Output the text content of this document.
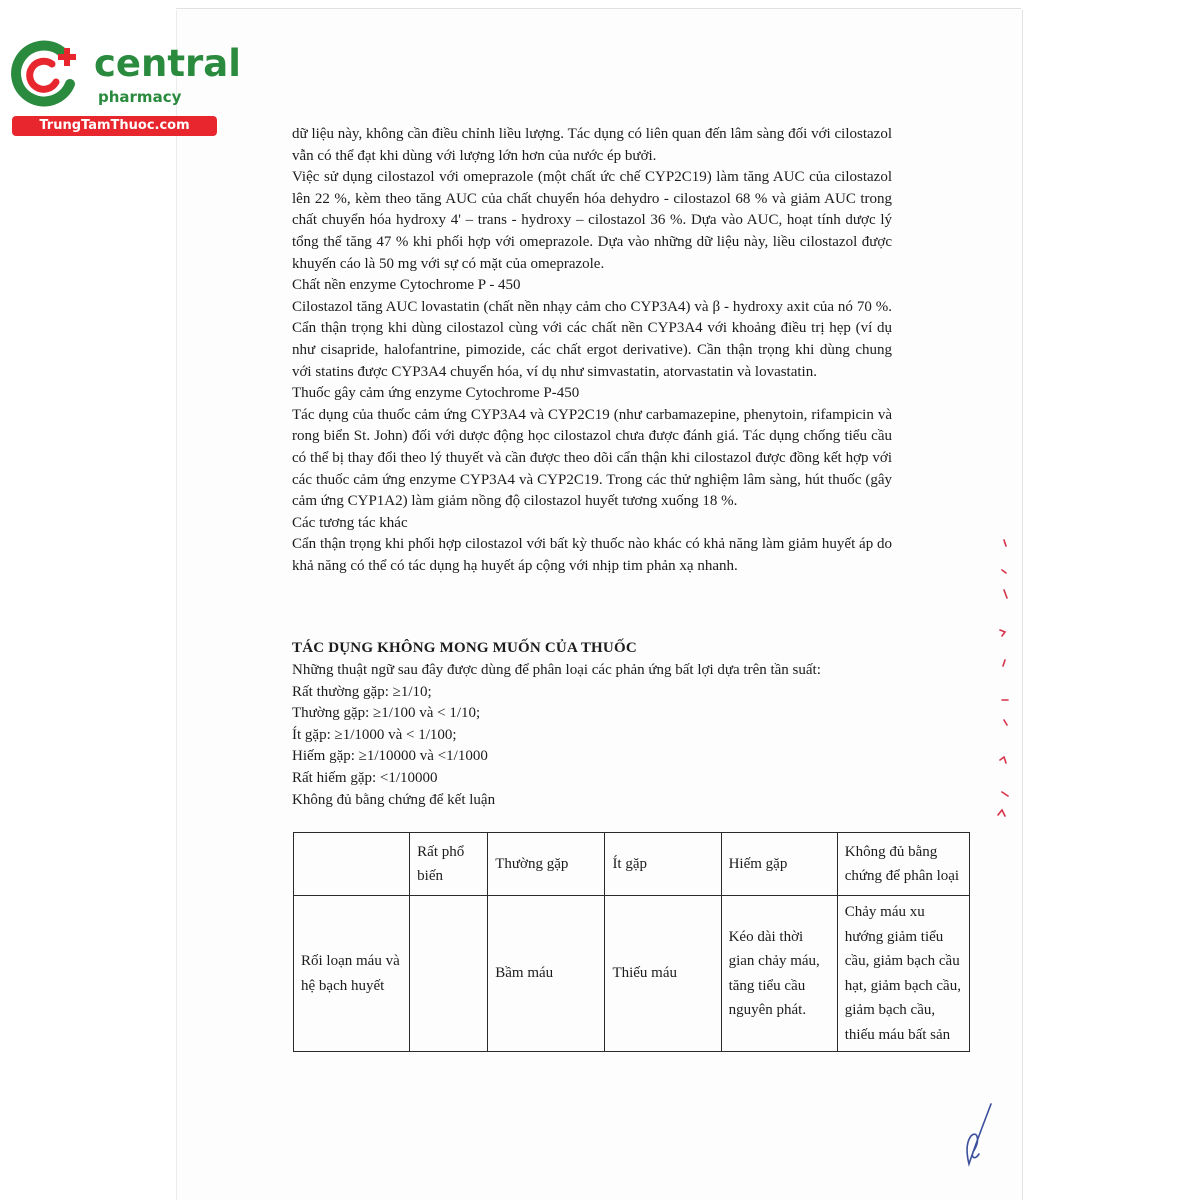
central
pharmacy
TrungTamThuoc.com

dữ liệu này, không cần điều chỉnh liều lượng. Tác dụng có liên quan đến lâm sàng đối với cilostazol vẫn có thể đạt khi dùng với lượng lớn hơn của nước ép bưởi.

Việc sử dụng cilostazol với omeprazole (một chất ức chế CYP2C19) làm tăng AUC của cilostazol lên 22 %, kèm theo tăng AUC của chất chuyển hóa dehydro - cilostazol 68 % và giảm AUC trong chất chuyển hóa hydroxy 4' – trans - hydroxy – cilostazol 36 %. Dựa vào AUC, hoạt tính dược lý tổng thể tăng 47 % khi phối hợp với omeprazole. Dựa vào những dữ liệu này, liều cilostazol được khuyến cáo là 50 mg với sự có mặt của omeprazole.

Chất nền enzyme Cytochrome P - 450

Cilostazol tăng AUC lovastatin (chất nền nhạy cảm cho CYP3A4) và β - hydroxy axit của nó 70 %. Cẩn thận trọng khi dùng cilostazol cùng với các chất nền CYP3A4 với khoảng điều trị hẹp (ví dụ như cisapride, halofantrine, pimozide, các chất ergot derivative). Cần thận trọng khi dùng chung với statins được CYP3A4 chuyển hóa, ví dụ như simvastatin, atorvastatin và lovastatin.

Thuốc gây cảm ứng enzyme Cytochrome P-450

Tác dụng của thuốc cảm ứng CYP3A4 và CYP2C19 (như carbamazepine, phenytoin, rifampicin và rong biển St. John) đối với dược động học cilostazol chưa được đánh giá. Tác dụng chống tiểu cầu có thể bị thay đổi theo lý thuyết và cần được theo dõi cẩn thận khi cilostazol được đồng kết hợp với các thuốc cảm ứng enzyme CYP3A4 và CYP2C19. Trong các thử nghiệm lâm sàng, hút thuốc (gây cảm ứng CYP1A2) làm giảm nồng độ cilostazol huyết tương xuống 18 %.

Các tương tác khác

Cẩn thận trọng khi phối hợp cilostazol với bất kỳ thuốc nào khác có khả năng làm giảm huyết áp do khả năng có thể có tác dụng hạ huyết áp cộng với nhịp tim phản xạ nhanh.

TÁC DỤNG KHÔNG MONG MUỐN CỦA THUỐC

Những thuật ngữ sau đây được dùng để phân loại các phản ứng bất lợi dựa trên tần suất:

Rất thường gặp: ≥1/10;

Thường gặp: ≥1/100 và < 1/10;

Ít gặp: ≥1/1000 và < 1/100;

Hiếm gặp: ≥1/10000 và <1/1000

Rất hiếm gặp: <1/10000

Không đủ bằng chứng để kết luận

	Rất phổ biến	Thường gặp	Ít gặp	Hiếm gặp	Không đủ bằng chứng để phân loại
Rối loạn máu và hệ bạch huyết		Bầm máu	Thiếu máu	Kéo dài thời gian chảy máu, tăng tiểu cầu nguyên phát.	Chảy máu xu hướng giảm tiểu cầu, giảm bạch cầu hạt, giảm bạch cầu, giảm bạch cầu, thiếu máu bất sản
